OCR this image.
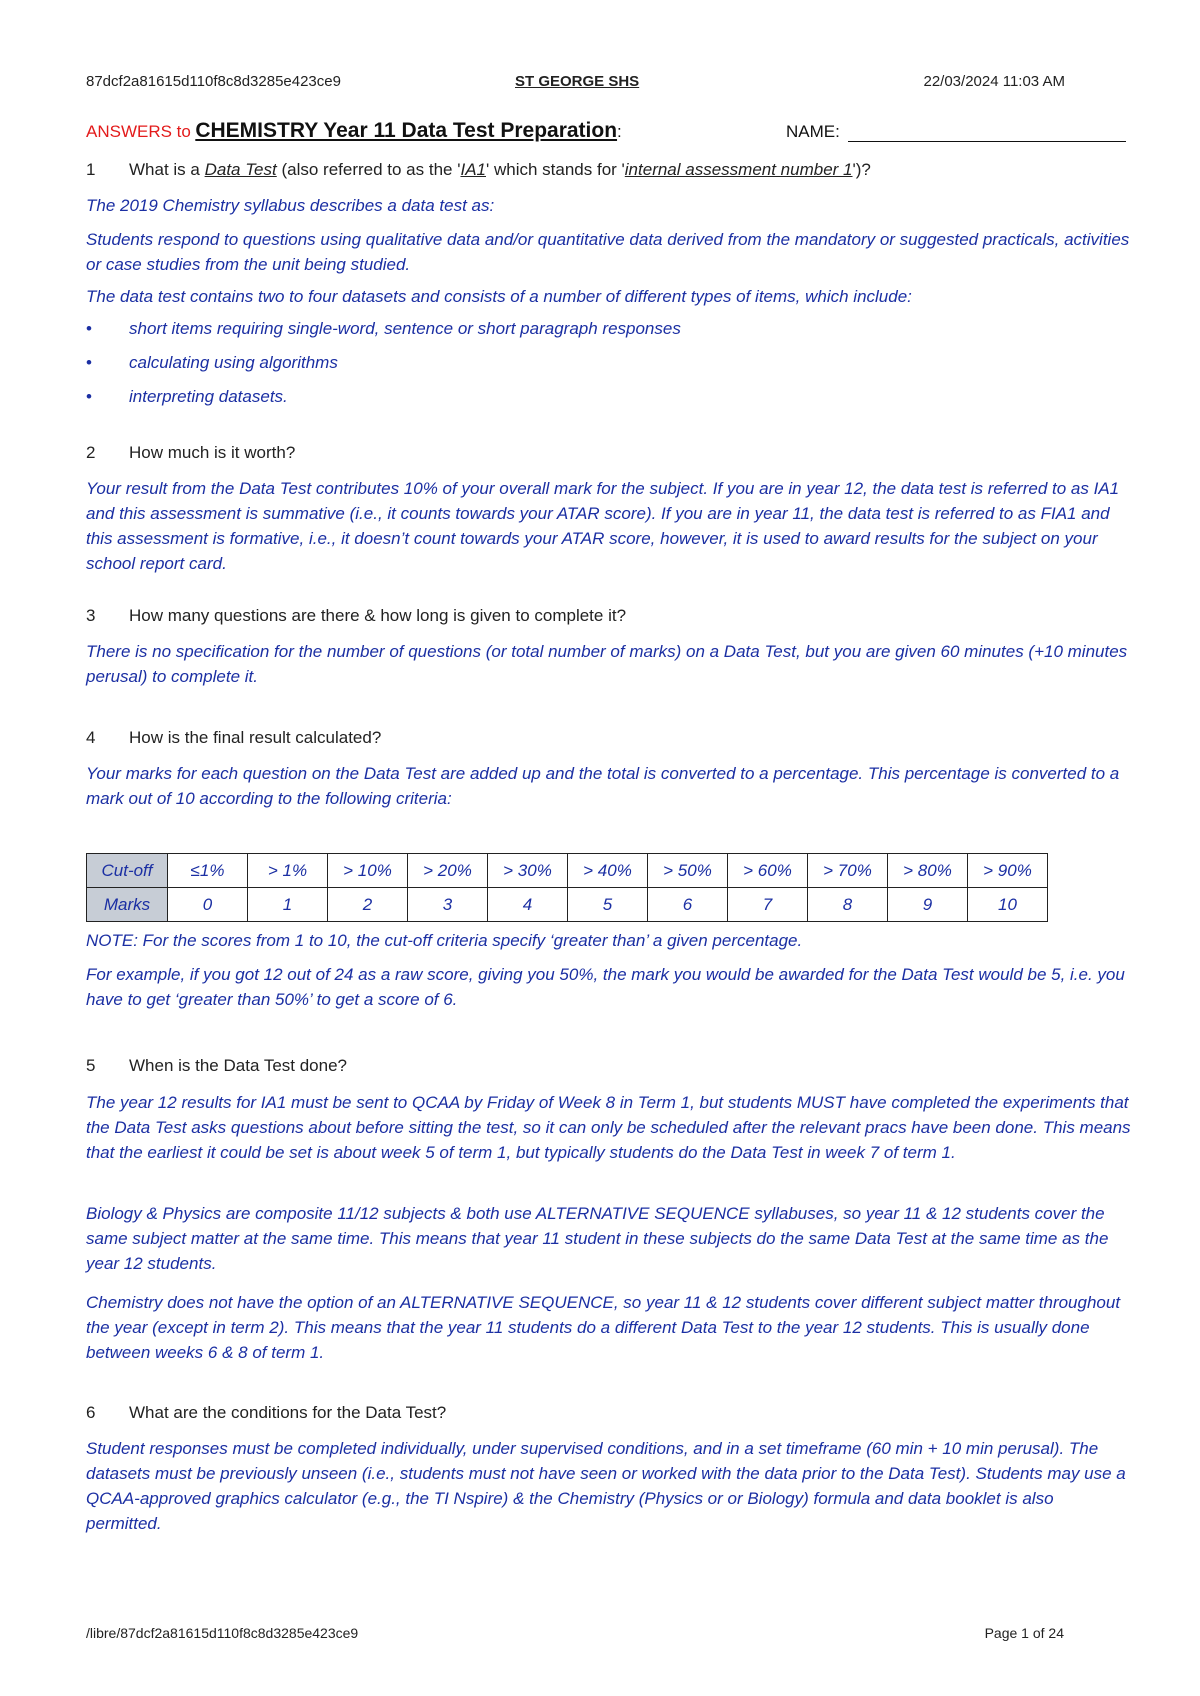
87dcf2a81615d110f8c8d3285e423ce9	ST GEORGE SHS	22/03/2024 11:03 AM
ANSWERS to CHEMISTRY Year 11 Data Test Preparation:	NAME:
1 What is a Data Test (also referred to as the 'IA1' which stands for 'internal assessment number 1')?
The 2019 Chemistry syllabus describes a data test as:
Students respond to questions using qualitative data and/or quantitative data derived from the mandatory or suggested practicals, activities or case studies from the unit being studied.
The data test contains two to four datasets and consists of a number of different types of items, which include:
• short items requiring single-word, sentence or short paragraph responses
• calculating using algorithms
• interpreting datasets.
2 How much is it worth?
Your result from the Data Test contributes 10% of your overall mark for the subject. If you are in year 12, the data test is referred to as IA1 and this assessment is summative (i.e., it counts towards your ATAR score). If you are in year 11, the data test is referred to as FIA1 and this assessment is formative, i.e., it doesn’t count towards your ATAR score, however, it is used to award results for the subject on your school report card.
3 How many questions are there & how long is given to complete it?
There is no specification for the number of questions (or total number of marks) on a Data Test, but you are given 60 minutes (+10 minutes perusal) to complete it.
4 How is the final result calculated?
Your marks for each question on the Data Test are added up and the total is converted to a percentage. This percentage is converted to a mark out of 10 according to the following criteria:
Cut-off	≤1%	> 1%	> 10%	> 20%	> 30%	> 40%	> 50%	> 60%	> 70%	> 80%	> 90%
Marks	0	1	2	3	4	5	6	7	8	9	10
NOTE: For the scores from 1 to 10, the cut-off criteria specify ‘greater than’ a given percentage.
For example, if you got 12 out of 24 as a raw score, giving you 50%, the mark you would be awarded for the Data Test would be 5, i.e. you have to get ‘greater than 50%’ to get a score of 6.
5 When is the Data Test done?
The year 12 results for IA1 must be sent to QCAA by Friday of Week 8 in Term 1, but students MUST have completed the experiments that the Data Test asks questions about before sitting the test, so it can only be scheduled after the relevant pracs have been done. This means that the earliest it could be set is about week 5 of term 1, but typically students do the Data Test in week 7 of term 1.
Biology & Physics are composite 11/12 subjects & both use ALTERNATIVE SEQUENCE syllabuses, so year 11 & 12 students cover the same subject matter at the same time. This means that year 11 student in these subjects do the same Data Test at the same time as the year 12 students.
Chemistry does not have the option of an ALTERNATIVE SEQUENCE, so year 11 & 12 students cover different subject matter throughout the year (except in term 2). This means that the year 11 students do a different Data Test to the year 12 students. This is usually done between weeks 6 & 8 of term 1.
6 What are the conditions for the Data Test?
Student responses must be completed individually, under supervised conditions, and in a set timeframe (60 min + 10 min perusal). The datasets must be previously unseen (i.e., students must not have seen or worked with the data prior to the Data Test). Students may use a QCAA-approved graphics calculator (e.g., the TI Nspire) & the Chemistry (Physics or or Biology) formula and data booklet is also permitted.
/libre/87dcf2a81615d110f8c8d3285e423ce9	Page 1 of 24
